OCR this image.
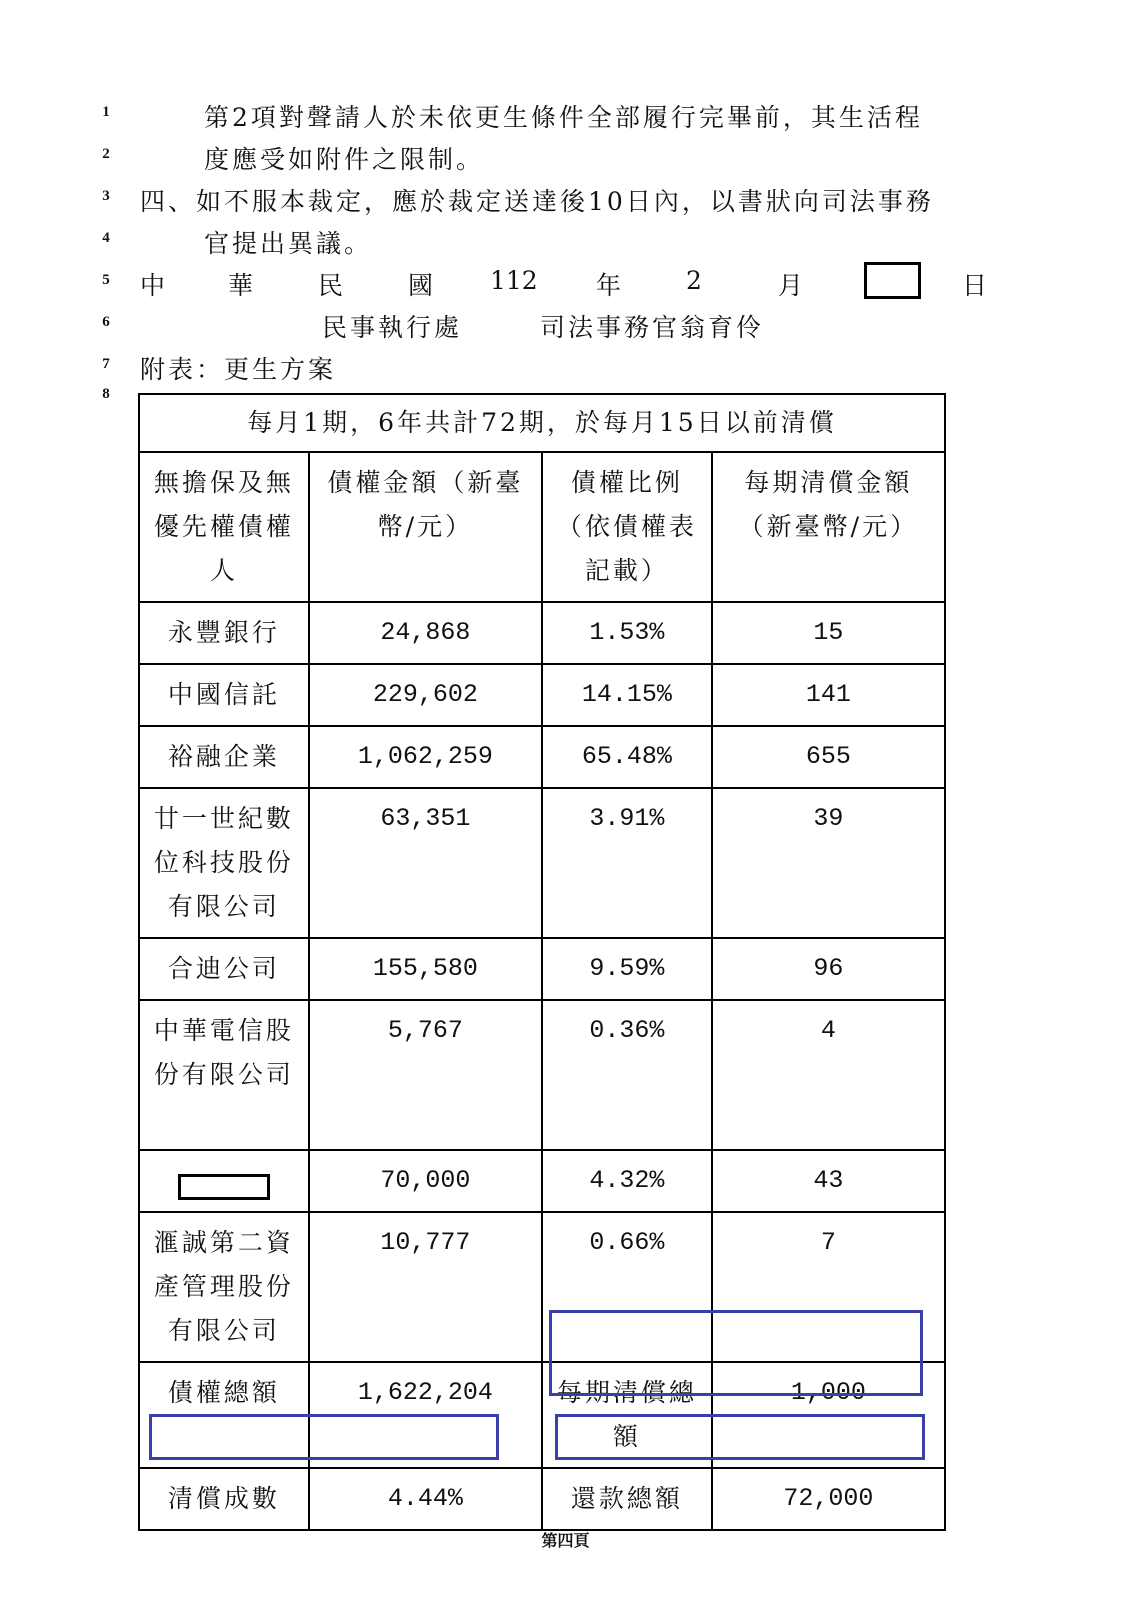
1
2
3
4
5
6
7
8
第2項對聲請人於未依更生條件全部履行完畢前，其生活程
度應受如附件之限制。
四、如不服本裁定，應於裁定送達後10日內，以書狀向司法事務
官提出異議。
中	華	民	國 112 年	2	月	日
民事執行處	司法事務官翁育伶
附表：更生方案
每月1期，6年共計72期，於每月15日以前清償			
無擔保及無優先權債權人	債權金額（新臺幣/元）	債權比例（依債權表記載）	每期清償金額（新臺幣/元）
永豐銀行	24,868	1.53%	15
中國信託	229,602	14.15%	141
裕融企業	1,062,259	65.48%	655
廿一世紀數位科技股份有限公司	63,351	3.91%	39
合迪公司	155,580	9.59%	96
中華電信股份有限公司	5,767	0.36%	4
	70,000	4.32%	43
滙誠第二資產管理股份有限公司	10,777	0.66%	7
債權總額	1,622,204	每期清償總額	1,000
清償成數	4.44%	還款總額	72,000
第四頁
